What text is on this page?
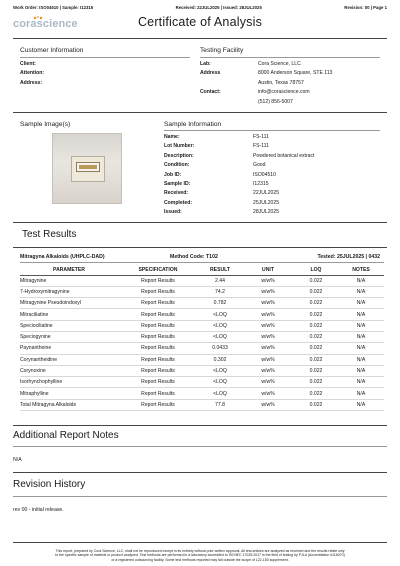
Work Order: ISO04510 | Sample: I12315	Received: 22JUL2025 | Issued: 28JUL2025	Revision: 00 | Page 1
corascience	Certificate of Analysis
Customer Information
Client:
Attention:
Address:
Testing Facility
Lab:	Cora Science, LLC
Address	8000 Anderson Square, STE 113
Austin, Texas 78757
Contact:	info@corascience.com
(512) 856-5007
Sample Image(s)	Sample Information
Name:	FS-111
Lot Number:	FS-111
Description:	Powdered botanical extract
Condition:	Good
Job ID:	ISO04510
Sample ID:	I12315
Received:	22JUL2025
Completed:	25JUL2025
Issued:	28JUL2025
Test Results
Mitragyna Alkaloids (UHPLC-DAD)	Method Code: T102	Tested: 25JUL2025 | 0432
PARAMETER	SPECIFICATION	RESULT	UNIT	LOQ	NOTES
Mitragynine	Report Results	2.44	w/w%	0.022	N/A
7-Hydroxymitragynine	Report Results	74.2	w/w%	0.022	N/A
Mitragynine Pseudoindoxyl	Report Results	0.782	w/w%	0.022	N/A
Mitraciliatine	Report Results	<LOQ	w/w%	0.022	N/A
Speciociliatine	Report Results	<LOQ	w/w%	0.022	N/A
Speciogynine	Report Results	<LOQ	w/w%	0.022	N/A
Paynantheine	Report Results	0.0433	w/w%	0.022	N/A
Corynantheidine	Report Results	0.302	w/w%	0.022	N/A
Corynoxine	Report Results	<LOQ	w/w%	0.022	N/A
Isorhynchophylline	Report Results	<LOQ	w/w%	0.022	N/A
Mitraphylline	Report Results	<LOQ	w/w%	0.022	N/A
Total Mitragyna Alkaloids	Report Results	77.8	w/w%	0.022	N/A
Additional Report Notes
N/A
Revision History
rev 00 - initial release.
This report, prepared by Cora Science, LLC, shall not be reproduced except in its entirety without prior written approval. All test articles are analyzed as received and the results relate only
to the specific sample of material or product analyzed. Test methods are performed in a laboratory accredited to ISO/IEC 17025:2017 in the field of testing by PJLA (Accreditation #116070)
or a registered outsourcing facility. Some test methods reported may fall outside the scope of L22-150 supplement.
